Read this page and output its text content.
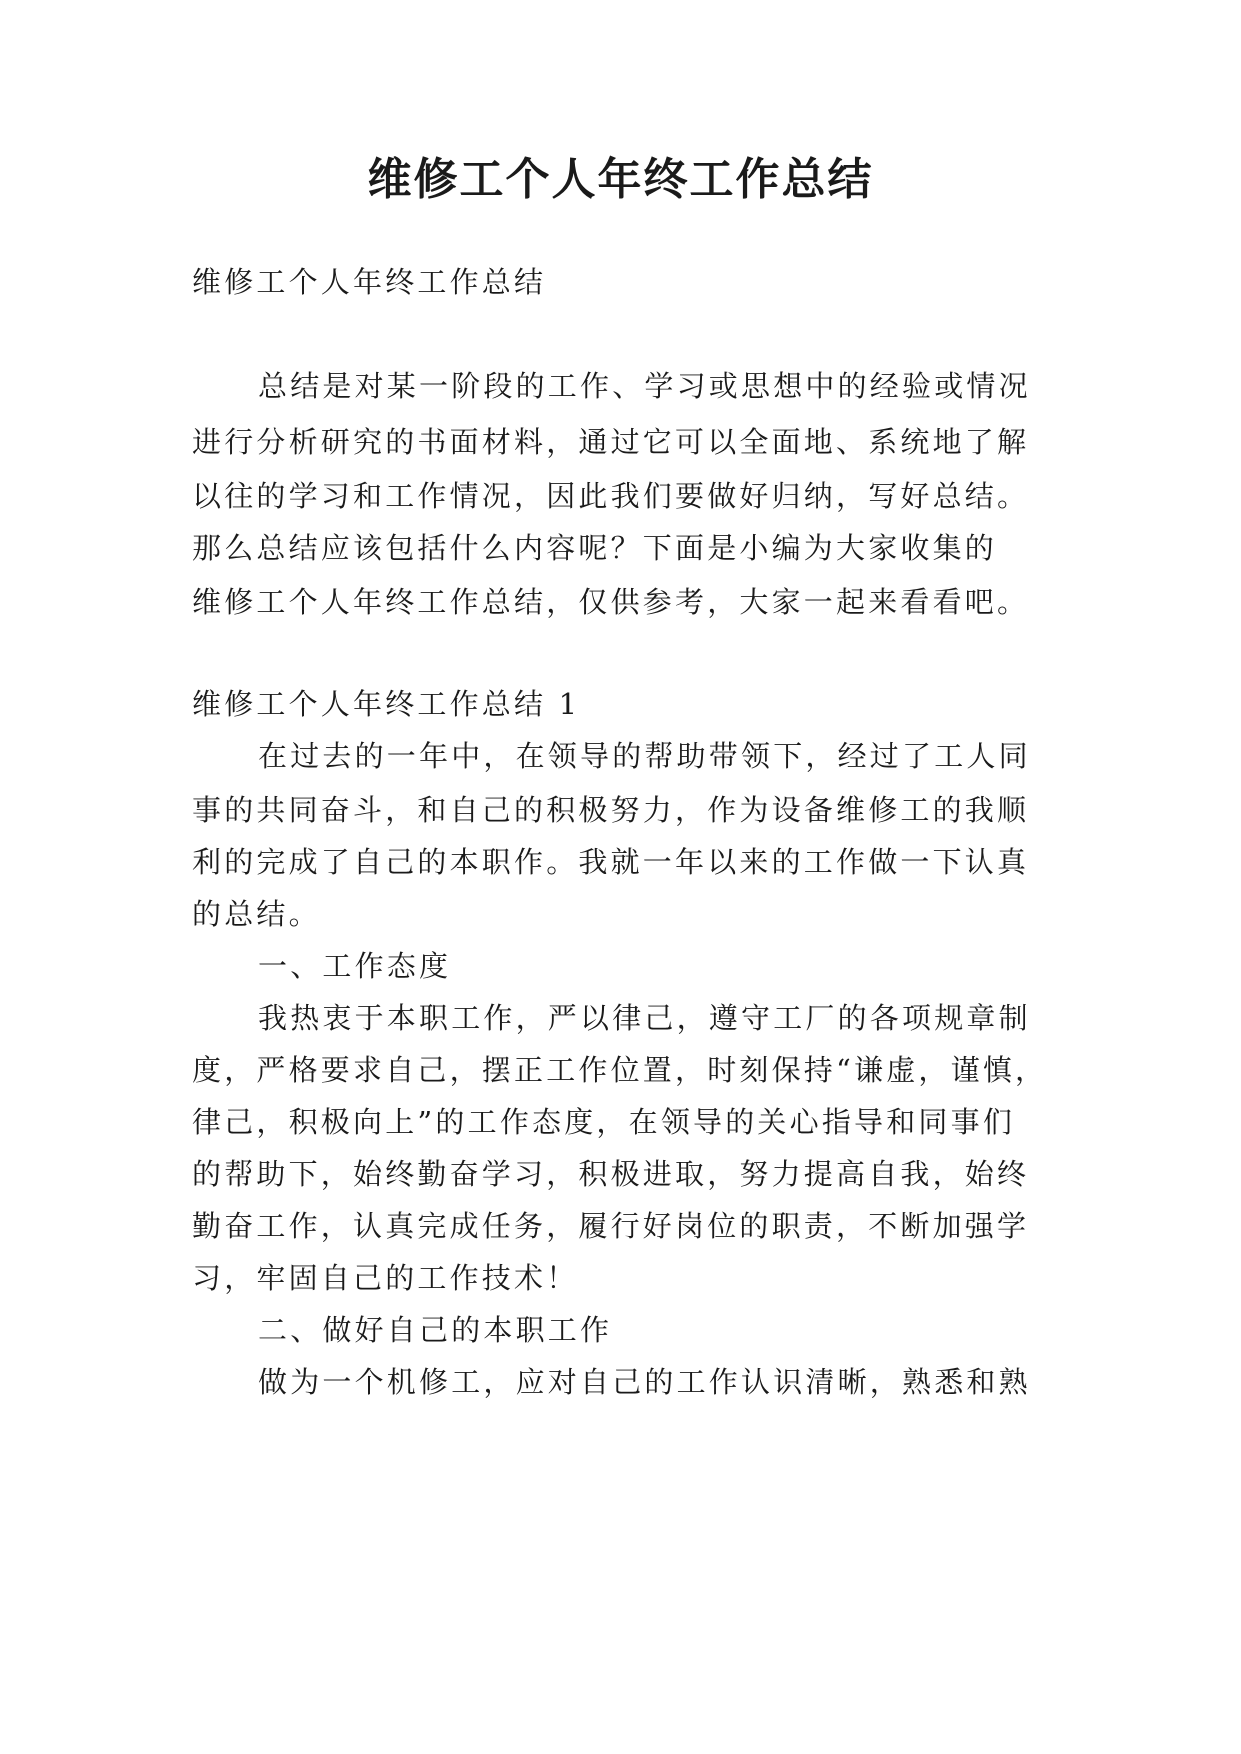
维修工个人年终工作总结
维修工个人年终工作总结
总结是对某一阶段的工作、学习或思想中的经验或情况
进行分析研究的书面材料，通过它可以全面地、系统地了解
以往的学习和工作情况，因此我们要做好归纳，写好总结。
那么总结应该包括什么内容呢？下面是小编为大家收集的
维修工个人年终工作总结，仅供参考，大家一起来看看吧。
维修工个人年终工作总结 1
在过去的一年中，在领导的帮助带领下，经过了工人同
事的共同奋斗，和自己的积极努力，作为设备维修工的我顺
利的完成了自己的本职作。我就一年以来的工作做一下认真
的总结。
一、工作态度
我热衷于本职工作，严以律己，遵守工厂的各项规章制
度，严格要求自己，摆正工作位置，时刻保持“谦虚，谨慎，
律己，积极向上”的工作态度，在领导的关心指导和同事们
的帮助下，始终勤奋学习，积极进取，努力提高自我，始终
勤奋工作，认真完成任务，履行好岗位的职责，不断加强学
习，牢固自己的工作技术！
二、做好自己的本职工作
做为一个机修工，应对自己的工作认识清晰，熟悉和熟
